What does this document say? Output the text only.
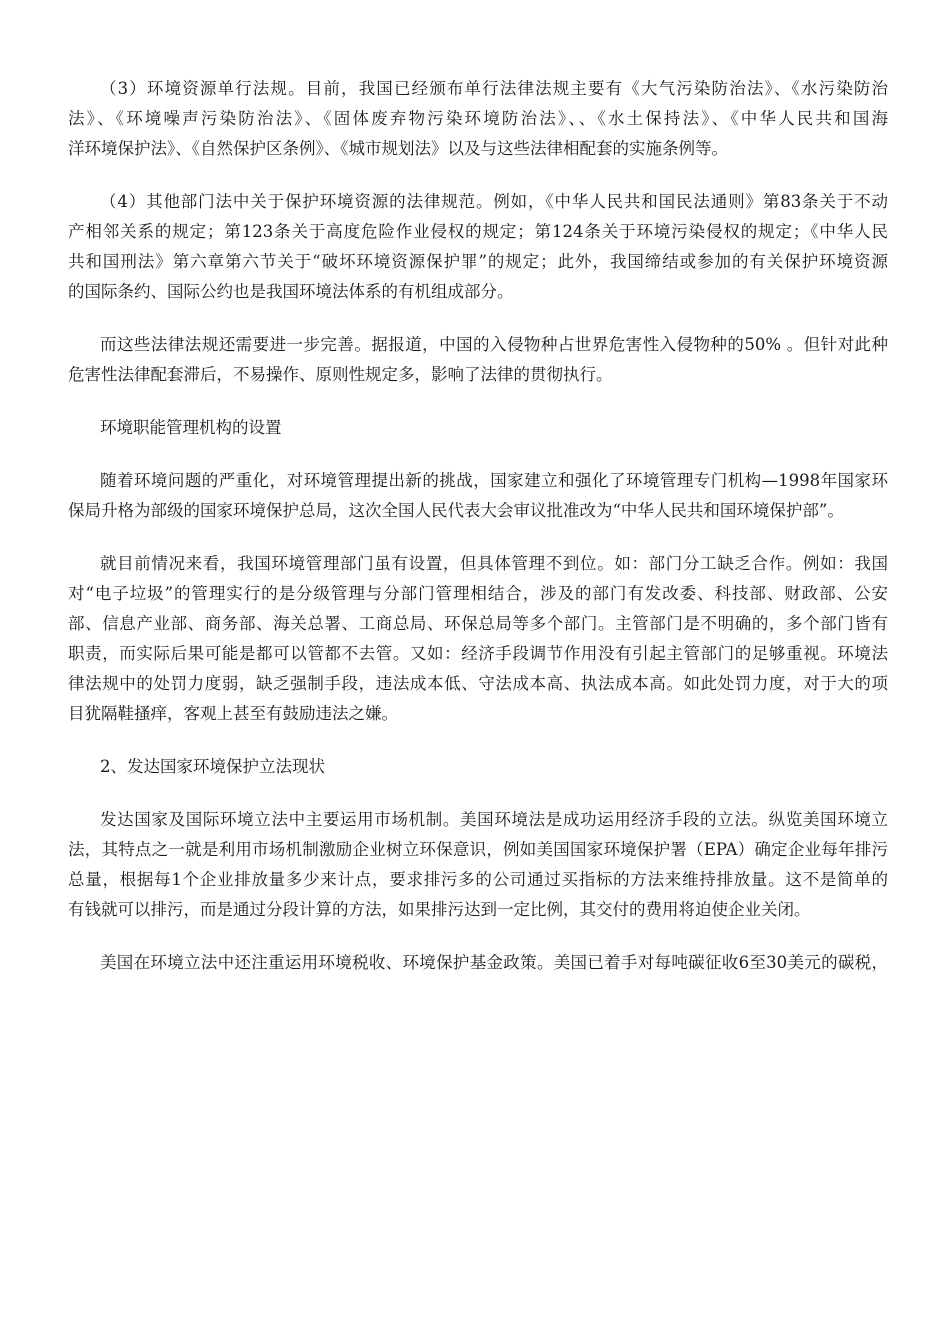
（3）环境资源单行法规。目前，我国已经颁布单行法律法规主要有《大气污染防治法》、《水污染防治
法》、《环境噪声污染防治法》、《固体废弃物污染环境防治法》、、《水土保持法》、《中华人民共和国海
洋环境保护法》、《自然保护区条例》、《城市规划法》以及与这些法律相配套的实施条例等。
（4）其他部门法中关于保护环境资源的法律规范。例如，《中华人民共和国民法通则》第83条关于不动
产相邻关系的规定；第123条关于高度危险作业侵权的规定；第124条关于环境污染侵权的规定；《中华人民
共和国刑法》第六章第六节关于“破坏环境资源保护罪”的规定；此外，我国缔结或参加的有关保护环境资源
的国际条约、国际公约也是我国环境法体系的有机组成部分。
而这些法律法规还需要进一步完善。据报道，中国的入侵物种占世界危害性入侵物种的50% 。但针对此种
危害性法律配套滞后，不易操作、原则性规定多，影响了法律的贯彻执行。
环境职能管理机构的设置
随着环境问题的严重化，对环境管理提出新的挑战，国家建立和强化了环境管理专门机构—1998年国家环
保局升格为部级的国家环境保护总局，这次全国人民代表大会审议批准改为“中华人民共和国环境保护部”。
就目前情况来看，我国环境管理部门虽有设置，但具体管理不到位。如：部门分工缺乏合作。例如：我国
对“电子垃圾”的管理实行的是分级管理与分部门管理相结合，涉及的部门有发改委、科技部、财政部、公安
部、信息产业部、商务部、海关总署、工商总局、环保总局等多个部门。主管部门是不明确的，多个部门皆有
职责，而实际后果可能是都可以管都不去管。又如：经济手段调节作用没有引起主管部门的足够重视。环境法
律法规中的处罚力度弱，缺乏强制手段，违法成本低、守法成本高、执法成本高。如此处罚力度，对于大的项
目犹隔鞋搔痒，客观上甚至有鼓励违法之嫌。
2、发达国家环境保护立法现状
发达国家及国际环境立法中主要运用市场机制。美国环境法是成功运用经济手段的立法。纵览美国环境立
法，其特点之一就是利用市场机制激励企业树立环保意识，例如美国国家环境保护署（EPA）确定企业每年排污
总量，根据每1个企业排放量多少来计点，要求排污多的公司通过买指标的方法来维持排放量。这不是简单的
有钱就可以排污，而是通过分段计算的方法，如果排污达到一定比例，其交付的费用将迫使企业关闭。
美国在环境立法中还注重运用环境税收、环境保护基金政策。美国已着手对每吨碳征收6至30美元的碳税，
